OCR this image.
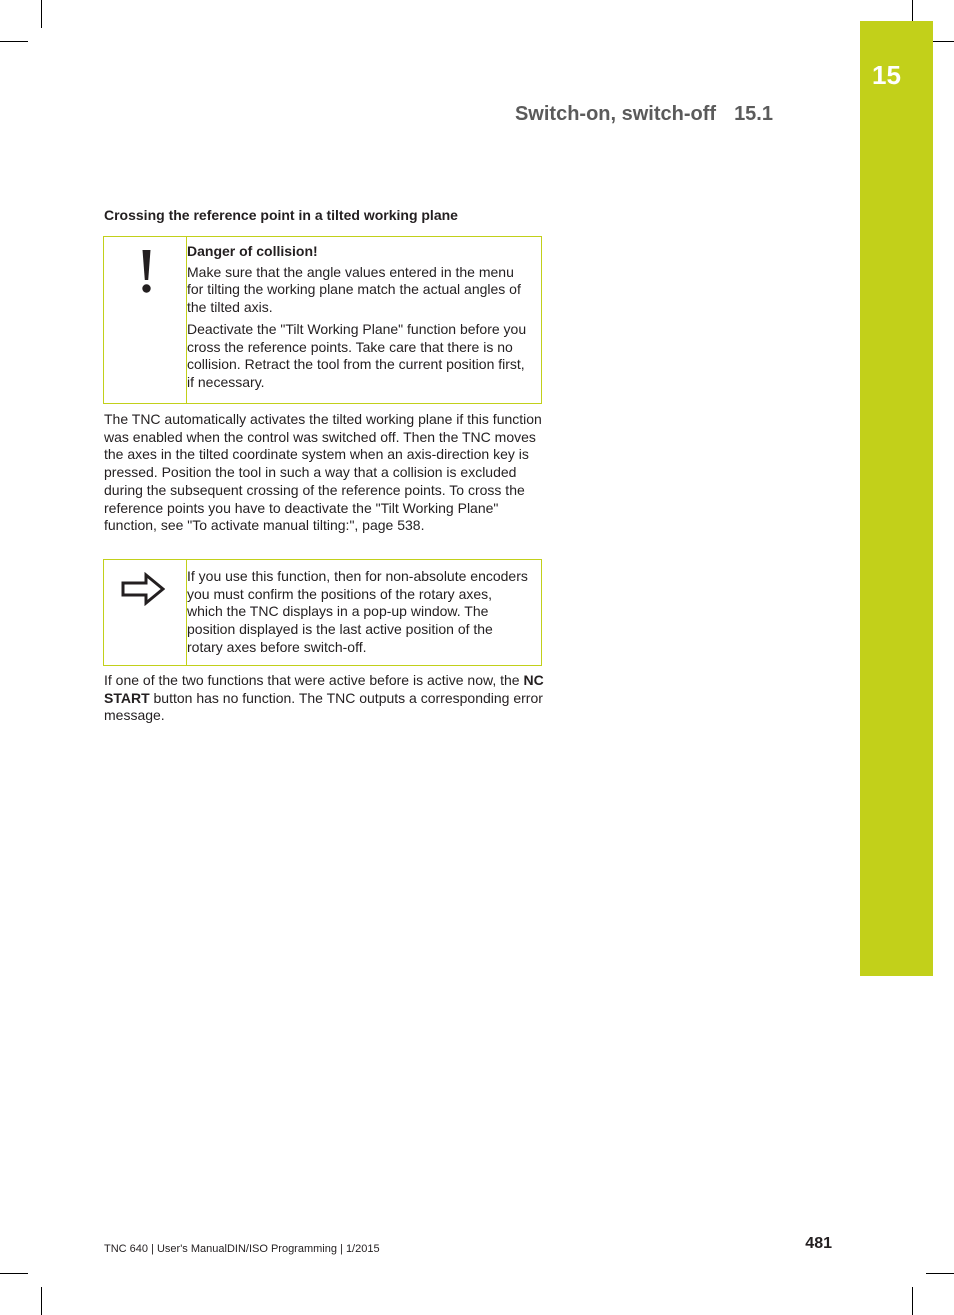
15
Switch-on, switch-off 15.1
Crossing the reference point in a tilted working plane

Danger of collision!

Make sure that the angle values entered in the menu for tilting the working plane match the actual angles of the tilted axis.

Deactivate the "Tilt Working Plane" function before you cross the reference points. Take care that there is no collision. Retract the tool from the current position first, if necessary.

The TNC automatically activates the tilted working plane if this function was enabled when the control was switched off. Then the TNC moves the axes in the tilted coordinate system when an axis-direction key is pressed. Position the tool in such a way that a collision is excluded during the subsequent crossing of the reference points. To cross the reference points you have to deactivate the "Tilt Working Plane" function, see "To activate manual tilting:", page 538.

If you use this function, then for non-absolute encoders you must confirm the positions of the rotary axes, which the TNC displays in a pop-up window. The position displayed is the last active position of the rotary axes before switch-off.

If one of the two functions that were active before is active now, the NC START button has no function. The TNC outputs a corresponding error message.

TNC 640 | User's ManualDIN/ISO Programming | 1/2015	481
